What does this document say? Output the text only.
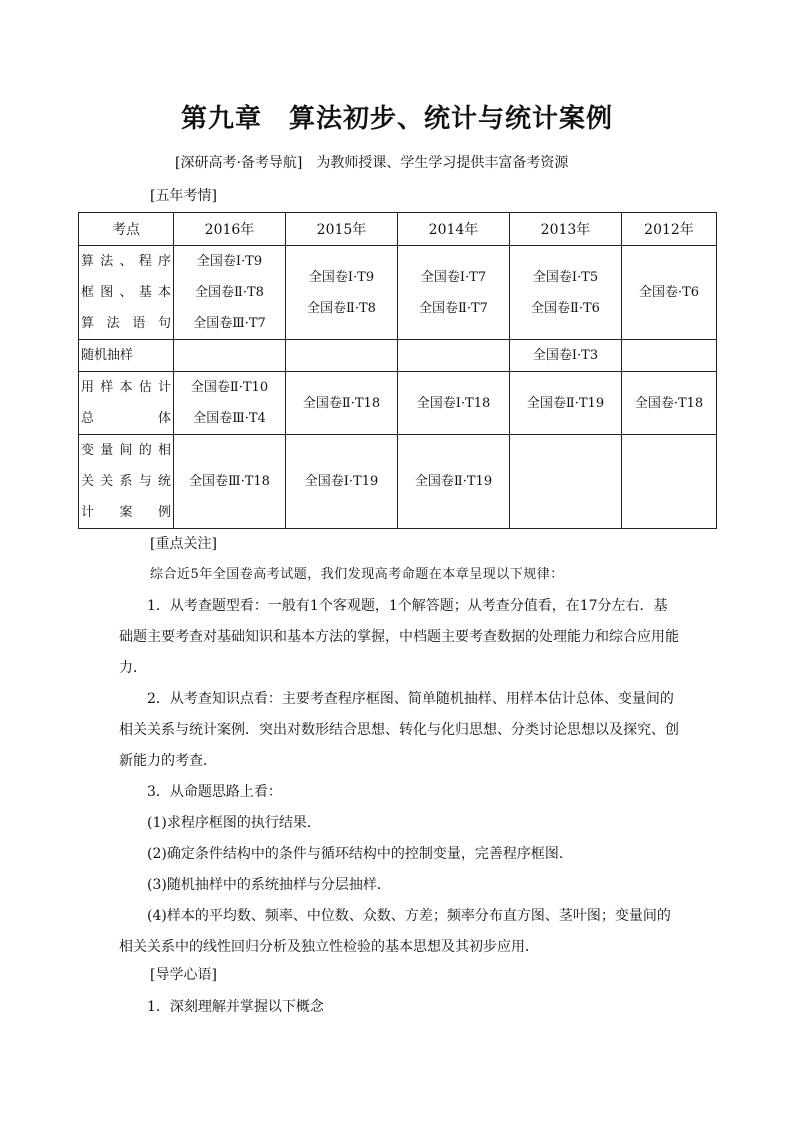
第九章　算法初步、统计与统计案例
[深研高考·备考导航]　为教师授课、学生学习提供丰富备考资源
[五年考情]
考点	2016年	2015年	2014年	2013年	2012年

算法、程序
框图、基本
算法语句	全国卷Ⅰ·T9
全国卷Ⅱ·T8
全国卷Ⅲ·T7	全国卷Ⅰ·T9
全国卷Ⅱ·T8	全国卷Ⅰ·T7
全国卷Ⅱ·T7	全国卷Ⅰ·T5
全国卷Ⅱ·T6	全国卷·T6

随机抽样				全国卷Ⅰ·T3	

用样本估计
总体	全国卷Ⅱ·T10
全国卷Ⅲ·T4	全国卷Ⅱ·T18	全国卷Ⅰ·T18	全国卷Ⅱ·T19	全国卷·T18

变量间的相
关关系与统
计案例	全国卷Ⅲ·T18	全国卷Ⅰ·T19	全国卷Ⅱ·T19		

[重点关注]
综合近5年全国卷高考试题，我们发现高考命题在本章呈现以下规律：
1．从考查题型看：一般有1个客观题，1个解答题；从考查分值看，在17分左右．基础题主要考查对基础知识和基本方法的掌握，中档题主要考查数据的处理能力和综合应用能力．
2．从考查知识点看：主要考查程序框图、简单随机抽样、用样本估计总体、变量间的相关关系与统计案例．突出对数形结合思想、转化与化归思想、分类讨论思想以及探究、创新能力的考查．
3．从命题思路上看：
(1)求程序框图的执行结果．
(2)确定条件结构中的条件与循环结构中的控制变量，完善程序框图．
(3)随机抽样中的系统抽样与分层抽样．
(4)样本的平均数、频率、中位数、众数、方差；频率分布直方图、茎叶图；变量间的相关关系中的线性回归分析及独立性检验的基本思想及其初步应用．
[导学心语]
1．深刻理解并掌握以下概念
